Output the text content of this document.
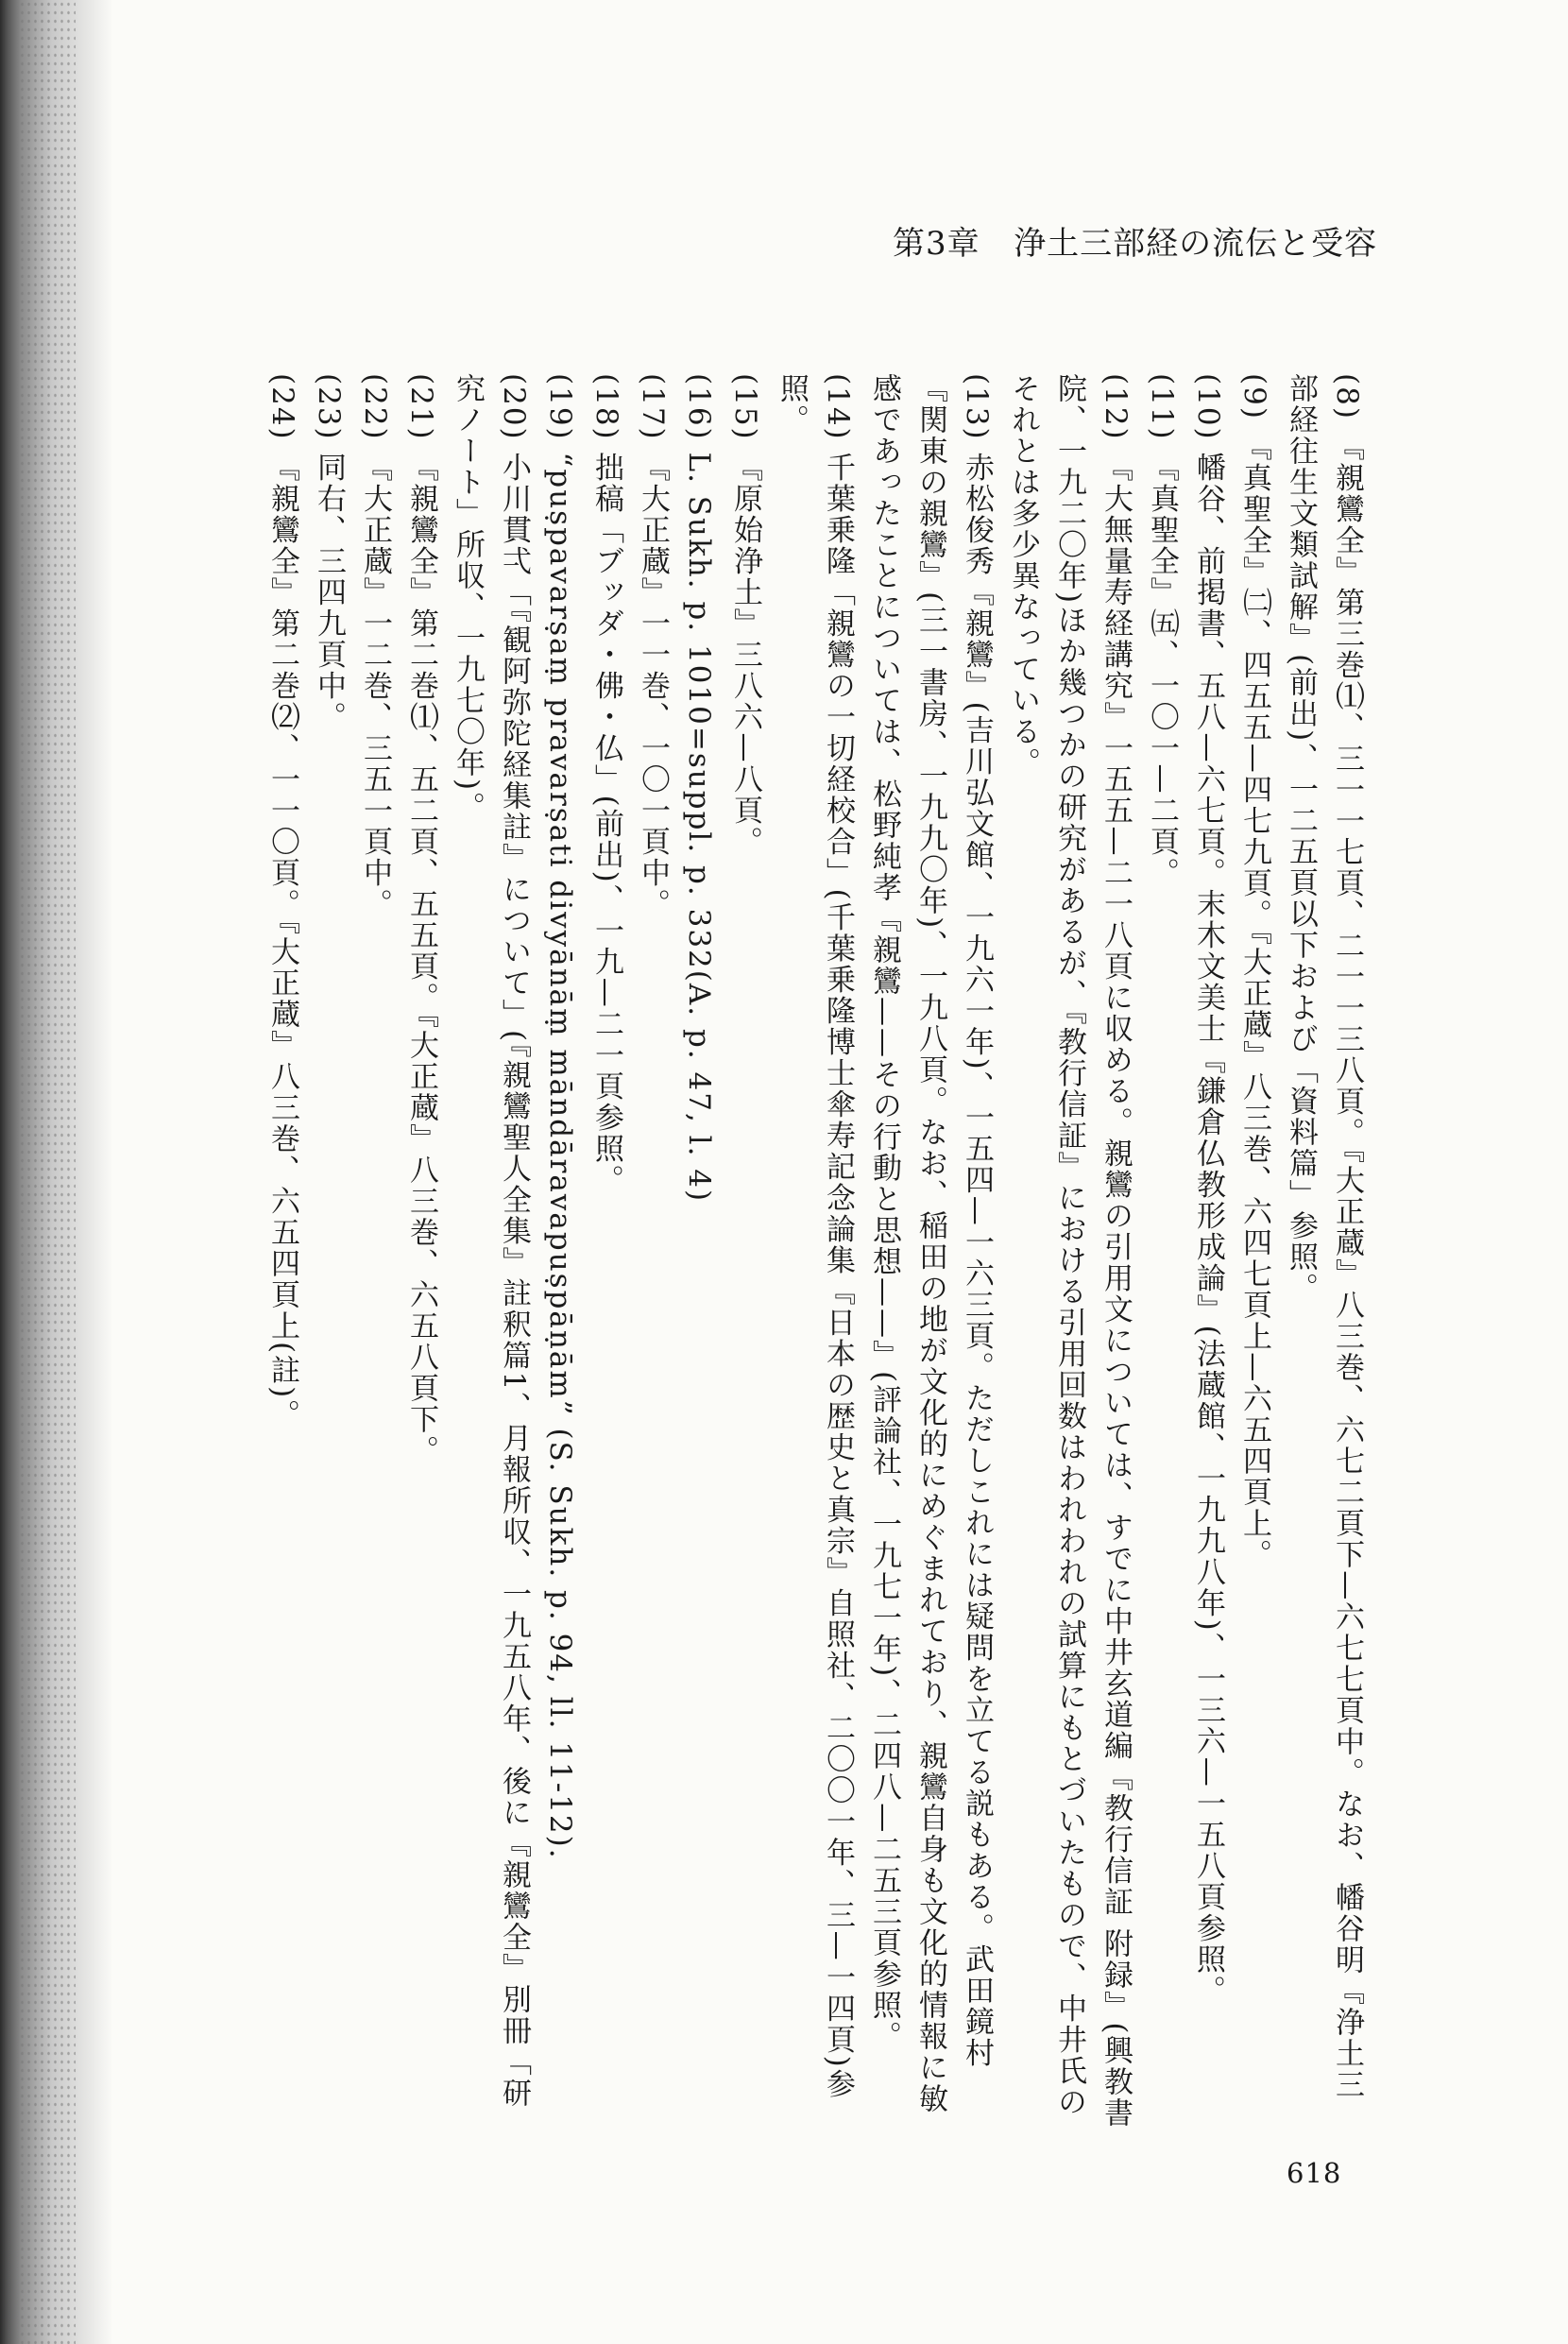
第3章 浄土三部経の流伝と受容

(8) 『親鸞全』第三巻⑴、三一一七頁、二一一三八頁。『大正蔵』八三巻、六七二頁下—六七七頁中。なお、幡谷明『浄土三部経往生文類試解』(前出)、一二五頁以下および「資料篇」参照。

(9) 『真聖全』㈡、四五五—四七九頁。『大正蔵』八三巻、六四七頁上—六五四頁上。

(10) 幡谷、前掲書、五八—六七頁。末木文美士『鎌倉仏教形成論』(法蔵館、一九九八年)、一三六—一五八頁参照。

(11) 『真聖全』㈤、一〇一—二頁。

(12) 『大無量寿経講究』一五五—二一八頁に収める。親鸞の引用文については、すでに中井玄道編『教行信証 附録』(興教書院、一九二〇年)ほか幾つかの研究があるが、『教行信証』における引用回数はわれわれの試算にもとづいたもので、中井氏のそれとは多少異なっている。

(13) 赤松俊秀『親鸞』(吉川弘文館、一九六一年)、一五四—一六三頁。ただしこれには疑問を立てる説もある。武田鏡村『関東の親鸞』(三一書房、一九九〇年)、一九八頁。なお、稲田の地が文化的にめぐまれており、親鸞自身も文化的情報に敏感であったことについては、松野純孝『親鸞——その行動と思想——』(評論社、一九七一年)、二四八—二五三頁参照。

(14) 千葉乗隆「親鸞の一切経校合」(千葉乗隆博士傘寿記念論集『日本の歴史と真宗』自照社、二〇〇一年、三—一四頁)参照。

(15) 『原始浄土』三八六—八頁。

(16) L. Sukh. p. 1010=suppl. p. 332(A. p. 47, l. 4)

(17) 『大正蔵』一一巻、一〇一頁中。

(18) 拙稿「ブッダ・佛・仏」(前出)、一九—二一頁参照。

(19) “puṣpavarṣaṃ pravarṣati divyānāṃ māndāravapuṣpāṇām” (S. Sukh. p. 94, ll. 11-12).

(20) 小川貫弌「『観阿弥陀経集註』について」(『親鸞聖人全集』註釈篇1、月報所収、一九五八年、後に『親鸞全』別冊「研究ノート」所収、一九七〇年)。

(21) 『親鸞全』第二巻⑴、五二頁、五五頁。『大正蔵』八三巻、六五八頁下。

(22) 『大正蔵』一二巻、三五一頁中。

(23) 同右、三四九頁中。

(24) 『親鸞全』第二巻⑵、一一〇頁。『大正蔵』八三巻、六五四頁上(註)。

618
